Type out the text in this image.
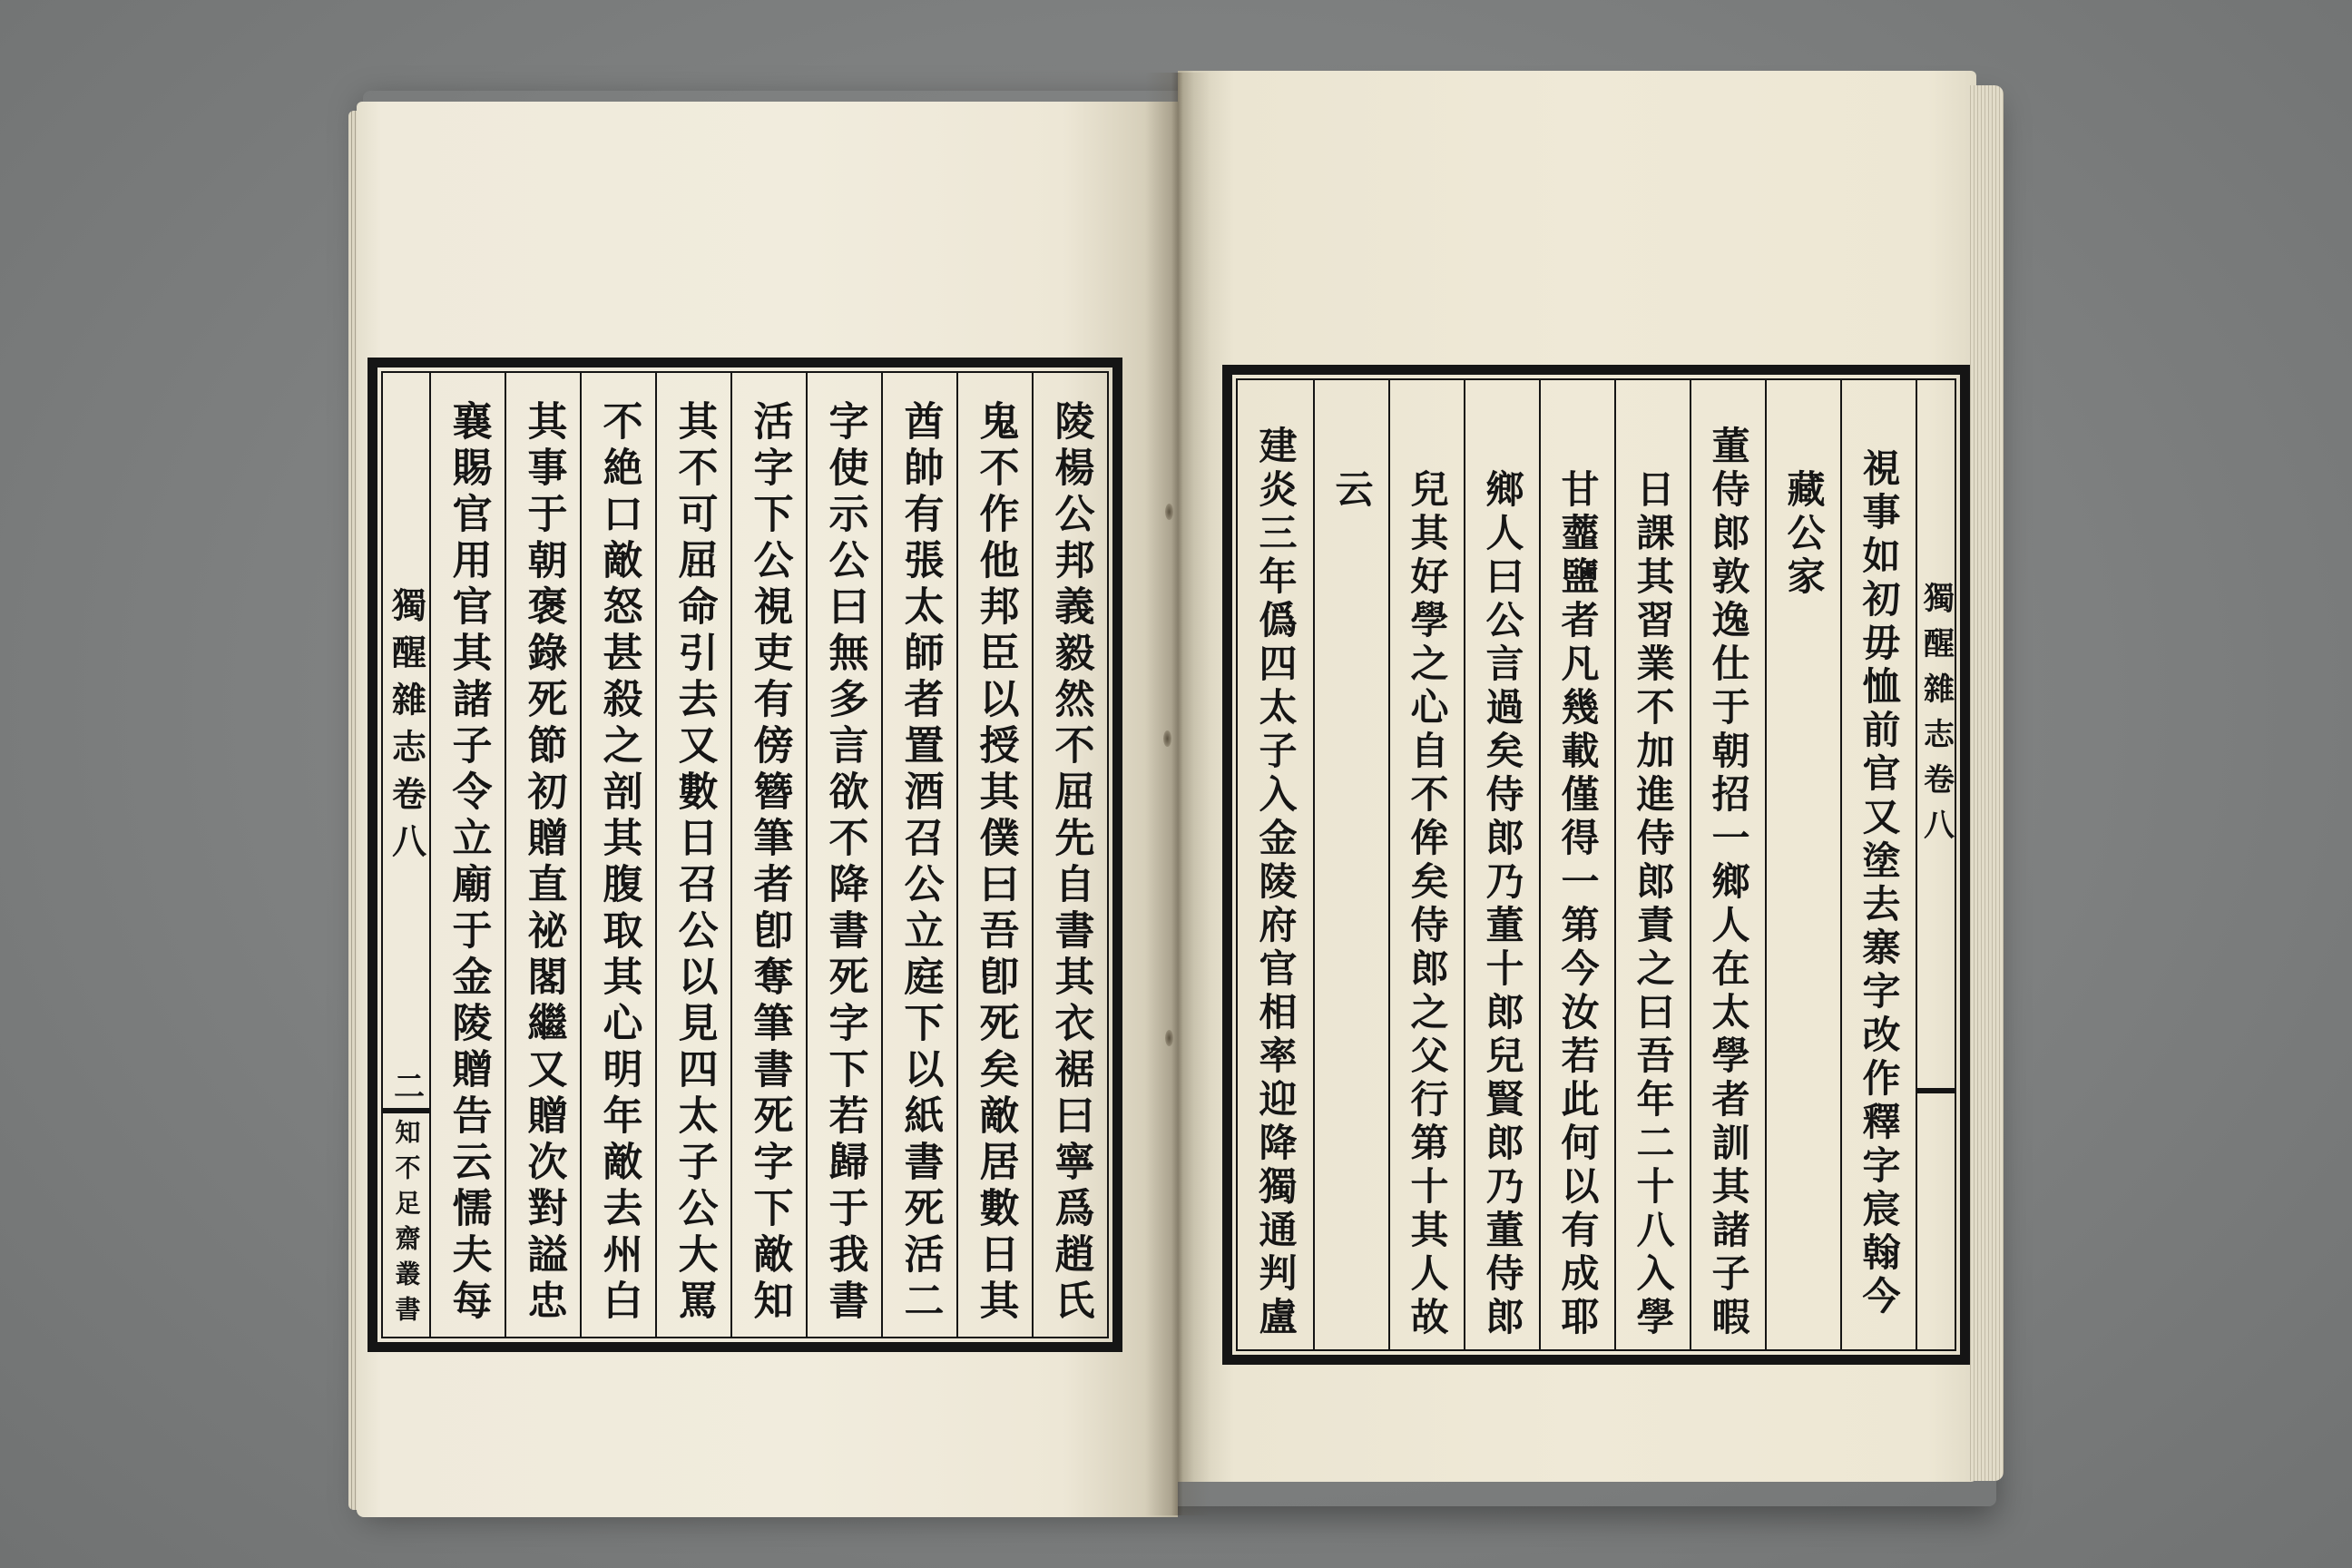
陵楊公邦義毅然不屈先自書其衣裾曰寧爲趙氏
鬼不作他邦臣以授其僕曰吾卽死矣敵居數日其
酋帥有張太師者置酒召公立庭下以紙書死活二
字使示公曰無多言欲不降書死字下若歸于我書
活字下公視吏有傍簪筆者卽奪筆書死字下敵知
其不可屈命引去又數日召公以見四太子公大罵
不絶口敵怒甚殺之剖其腹取其心明年敵去州白
其事于朝褒錄死節初贈直祕閣繼又贈次對謚忠
襄賜官用官其諸子令立廟于金陵贈告云懦夫每
獨醒雜志卷八
二
知不足齋叢書
獨醒雜志卷八
視事如初毋恤前官又塗去寨字改作釋字宸翰今
藏公家
董侍郎敦逸仕于朝招一鄉人在太學者訓其諸子暇
日課其習業不加進侍郎責之曰吾年二十八入學
甘虀鹽者凡幾載僅得一第今汝若此何以有成耶
鄉人曰公言過矣侍郎乃董十郎兒賢郎乃董侍郎
兒其好學之心自不侔矣侍郎之父行第十其人故
云
建炎三年僞四太子入金陵府官相率迎降獨通判盧
